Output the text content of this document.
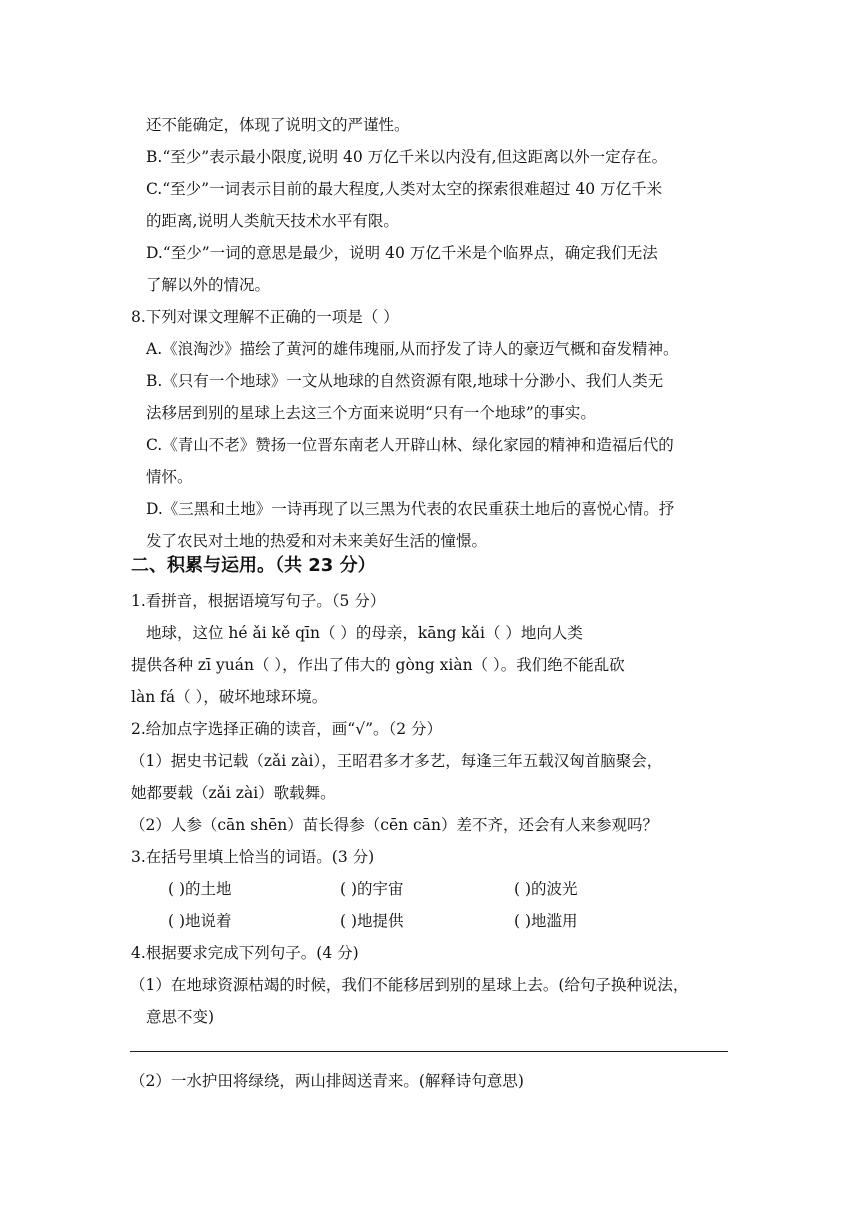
还不能确定，体现了说明文的严谨性。
B.“至少”表示最小限度,说明 40 万亿千米以内没有,但这距离以外一定存在。
C.“至少”一词表示目前的最大程度,人类对太空的探索很难超过 40 万亿千米
的距离,说明人类航天技术水平有限。
D.“至少”一词的意思是最少，说明 40 万亿千米是个临界点，确定我们无法
了解以外的情况。
8.下列对课文理解不正确的一项是（ ）
A.《浪淘沙》描绘了黄河的雄伟瑰丽,从而抒发了诗人的豪迈气概和奋发精神。
B.《只有一个地球》一文从地球的自然资源有限,地球十分渺小、我们人类无
法移居到别的星球上去这三个方面来说明“只有一个地球”的事实。
C.《青山不老》赞扬一位晋东南老人开辟山林、绿化家园的精神和造福后代的
情怀。
D.《三黑和土地》一诗再现了以三黑为代表的农民重获土地后的喜悦心情。抒
发了农民对土地的热爱和对未来美好生活的憧憬。
二、积累与运用。（共 23 分）
1.看拼音，根据语境写句子。（5 分）
地球，这位 hé ǎi kě qīn（ ）的母亲，kāng kǎi（ ）地向人类
提供各种 zī yuán（ ），作出了伟大的 gòng xiàn（ ）。我们绝不能乱砍
làn fá（ ），破坏地球环境。
2.给加点字选择正确的读音，画“√”。（2 分）
（1）据史书记载（zǎi zài），王昭君多才多艺，每逢三年五载汉匈首脑聚会，
她都要载（zǎi zài）歌载舞。
（2）人参（cān shēn）苗长得参（cēn cān）差不齐，还会有人来参观吗？
3.在括号里填上恰当的词语。(3 分)
( )的土地	( )的宇宙	( )的波光
( )地说着	( )地提供	( )地滥用
4.根据要求完成下列句子。(4 分)
（1）在地球资源枯竭的时候，我们不能移居到别的星球上去。(给句子换种说法，
意思不变)
（2）一水护田将绿绕，两山排闼送青来。(解释诗句意思)
